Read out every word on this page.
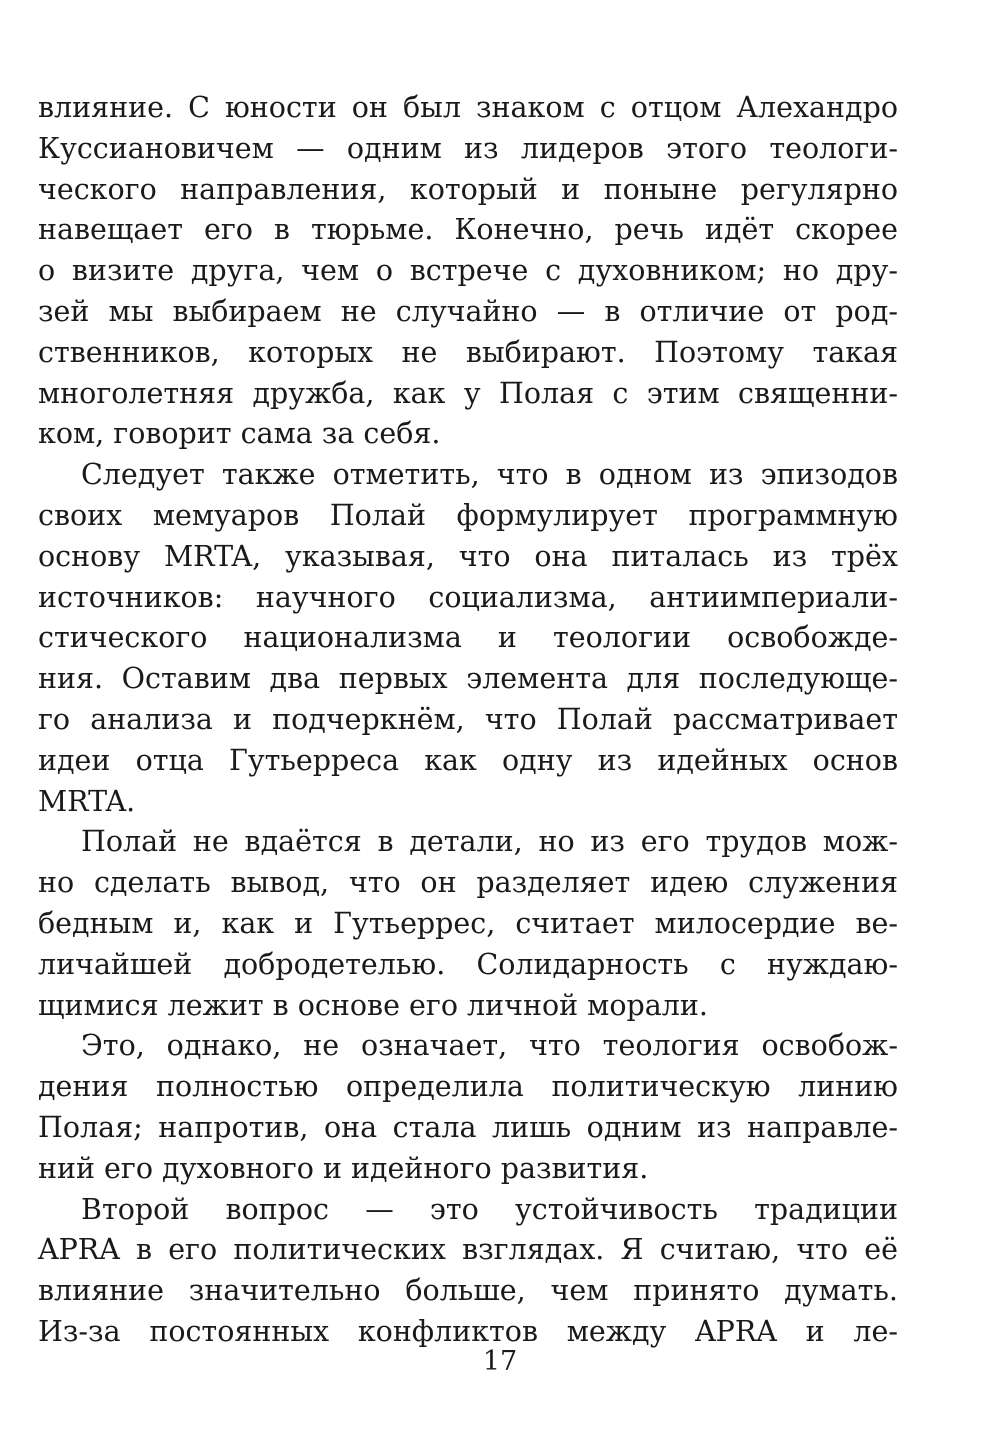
влияние. С юности он был знаком с отцом Алехандро
Куссиановичем — одним из лидеров этого теологи-
ческого направления, который и поныне регулярно
навещает его в тюрьме. Конечно, речь идёт скорее
о визите друга, чем о встрече с духовником; но дру-
зей мы выбираем не случайно — в отличие от род-
ственников, которых не выбирают. Поэтому такая
многолетняя дружба, как у Полая с этим священни-
ком, говорит сама за себя.
Следует также отметить, что в одном из эпизодов
своих мемуаров Полай формулирует программную
основу MRTA, указывая, что она питалась из трёх
источников: научного социализма, антиимпериали-
стического национализма и теологии освобожде-
ния. Оставим два первых элемента для последующе-
го анализа и подчеркнём, что Полай рассматривает
идеи отца Гутьерреса как одну из идейных основ
MRTA.
Полай не вдаётся в детали, но из его трудов мож-
но сделать вывод, что он разделяет идею служения
бедным и, как и Гутьеррес, считает милосердие ве-
личайшей добродетелью. Солидарность с нуждаю-
щимися лежит в основе его личной морали.
Это, однако, не означает, что теология освобож-
дения полностью определила политическую линию
Полая; напротив, она стала лишь одним из направле-
ний его духовного и идейного развития.
Второй вопрос — это устойчивость традиции
APRA в его политических взглядах. Я считаю, что её
влияние значительно больше, чем принято думать.
Из-за постоянных конфликтов между APRA и ле-
17
